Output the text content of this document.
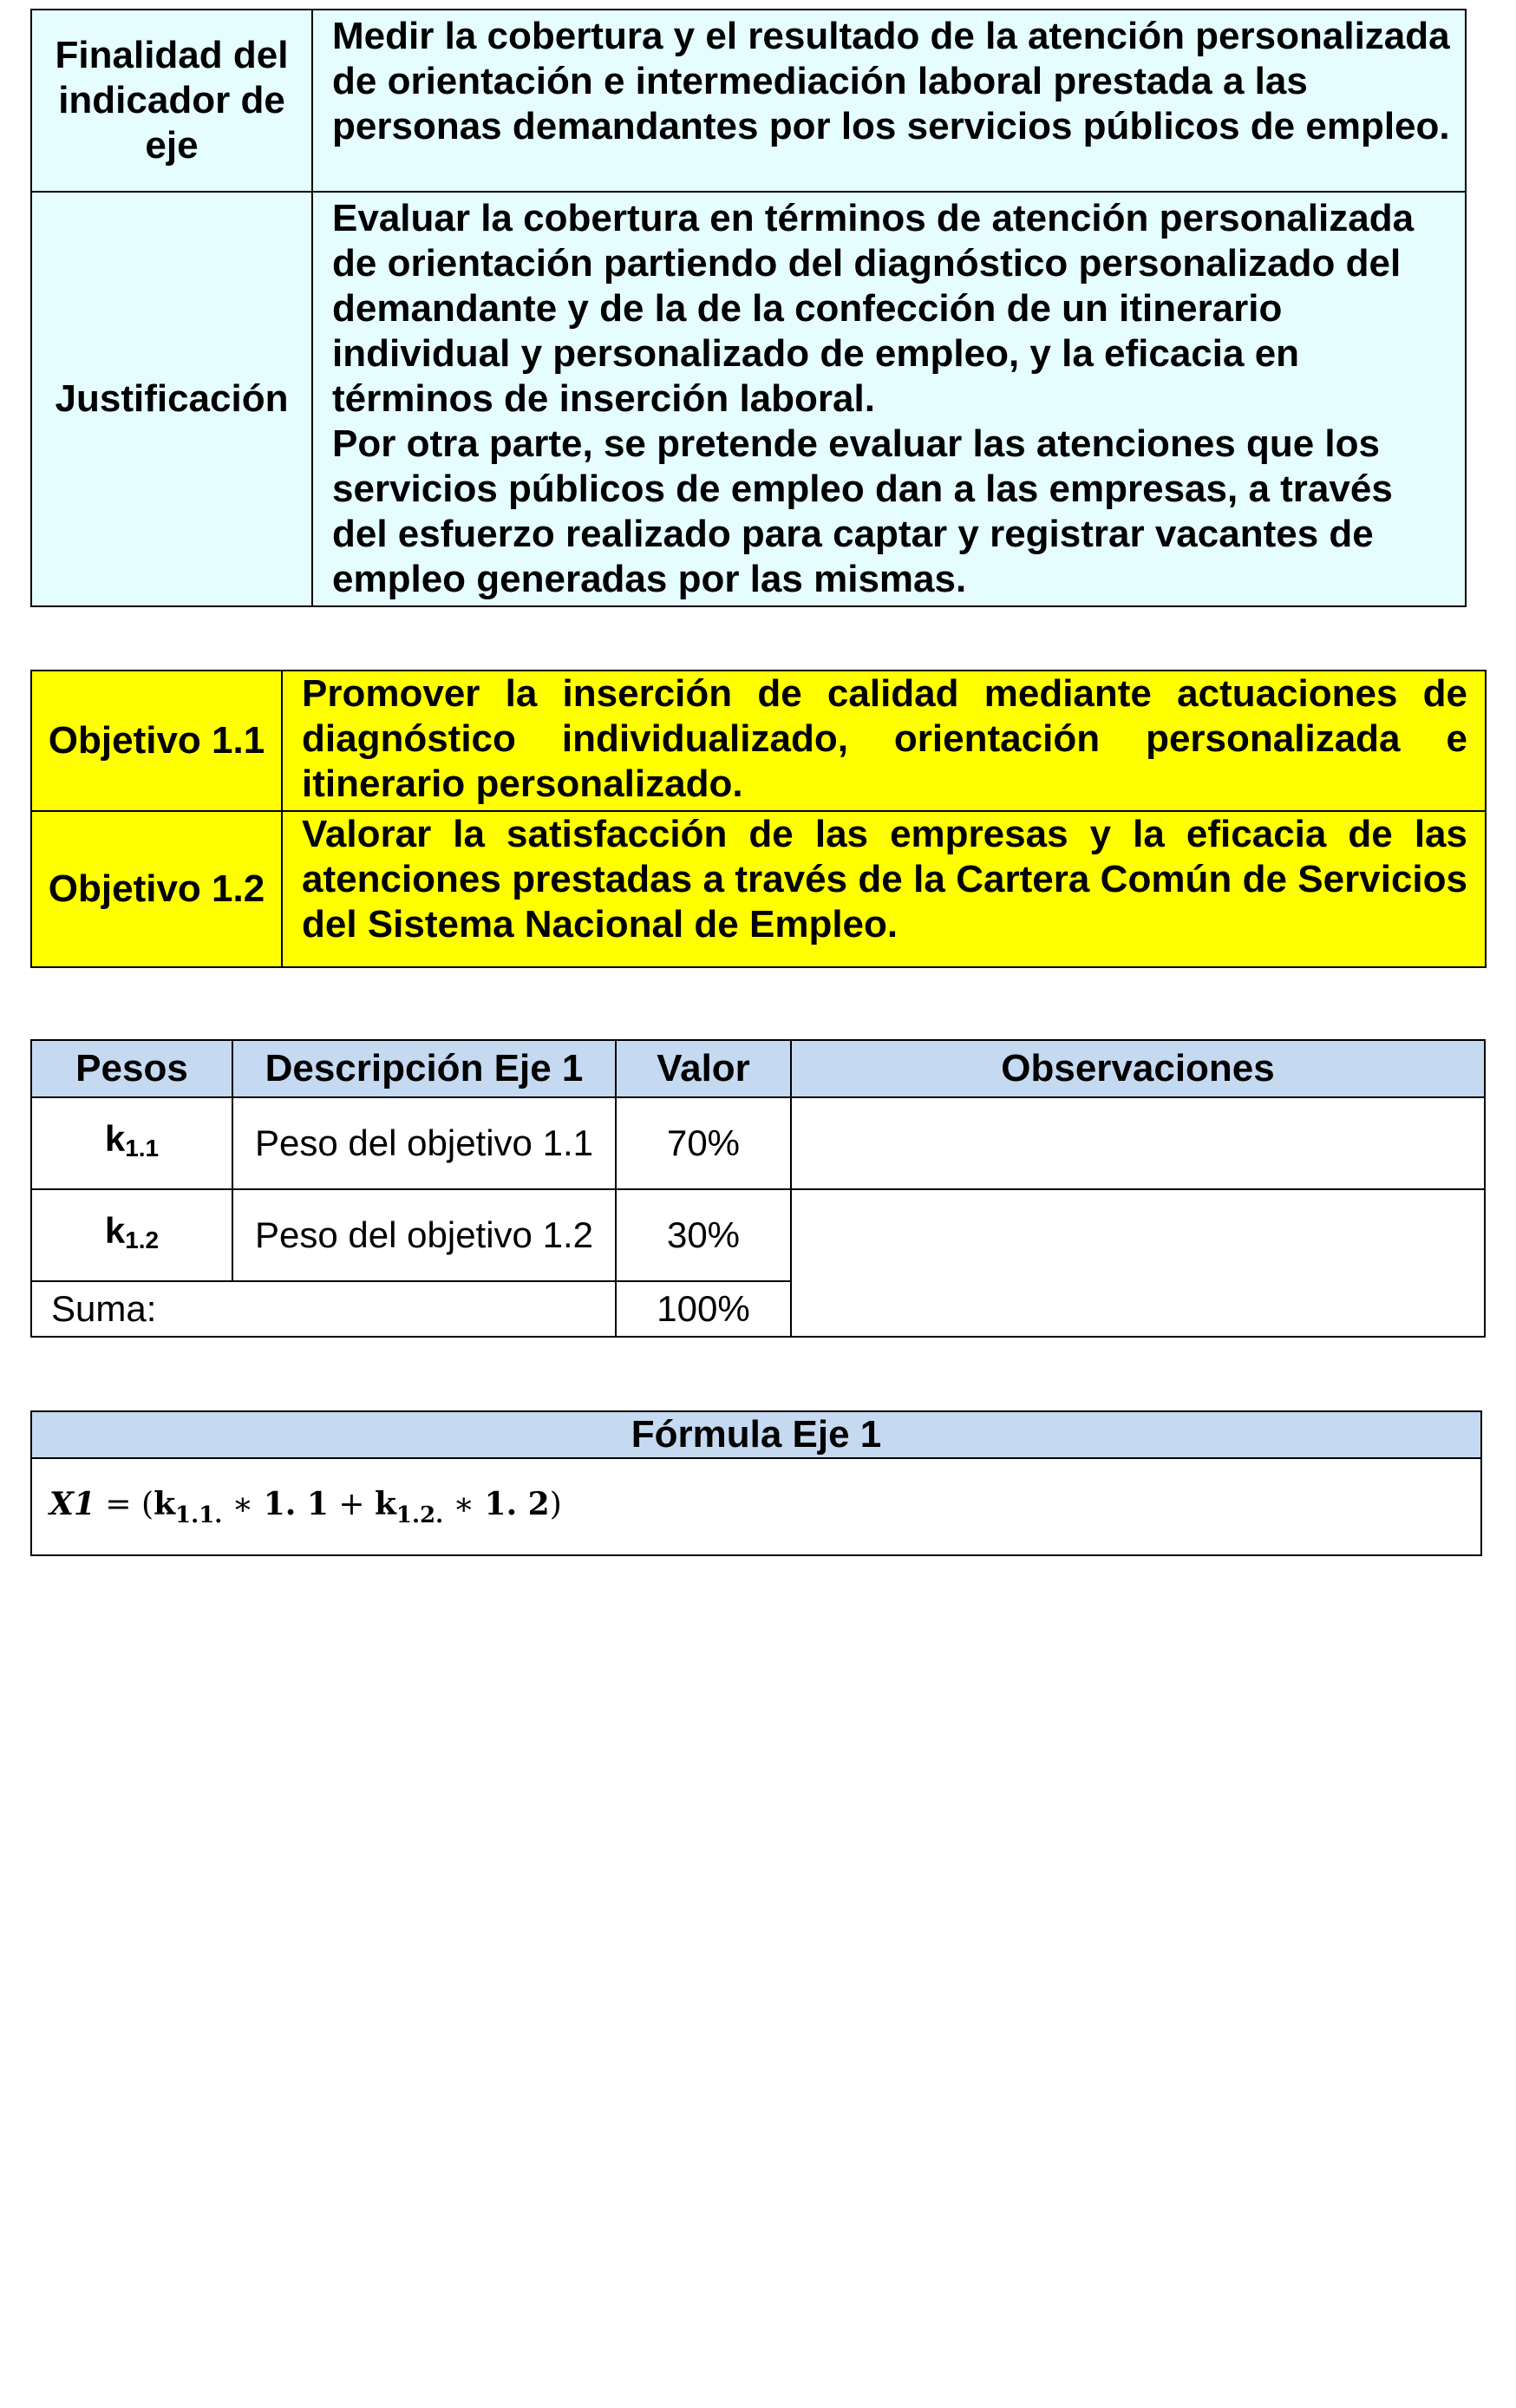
Finalidad del indicador de eje	Medir la cobertura y el resultado de la atención personalizada de orientación e intermediación laboral prestada a las personas demandantes por los servicios públicos de empleo.
Justificación	Evaluar la cobertura en términos de atención personalizada de orientación partiendo del diagnóstico personalizado del demandante y de la de la confección de un itinerario individual y personalizado de empleo, y la eficacia en términos de inserción laboral.
Por otra parte, se pretende evaluar las atenciones que los servicios públicos de empleo dan a las empresas, a través del esfuerzo realizado para captar y registrar vacantes de empleo generadas por las mismas.
Objetivo 1.1	Promover la inserción de calidad mediante actuaciones de diagnóstico individualizado, orientación personalizada e itinerario personalizado.
Objetivo 1.2	Valorar la satisfacción de las empresas y la eficacia de las atenciones prestadas a través de la Cartera Común de Servicios del Sistema Nacional de Empleo.
Pesos	Descripción Eje 1	Valor	Observaciones
k1.1	Peso del objetivo 1.1	70%	
k1.2	Peso del objetivo 1.2	30%	
Suma:		100%	
Fórmula Eje 1
$X1 = (k_{1.1.}$ ∗ 1. $1 + k_{1.2.}$ ∗ 1. 2)
